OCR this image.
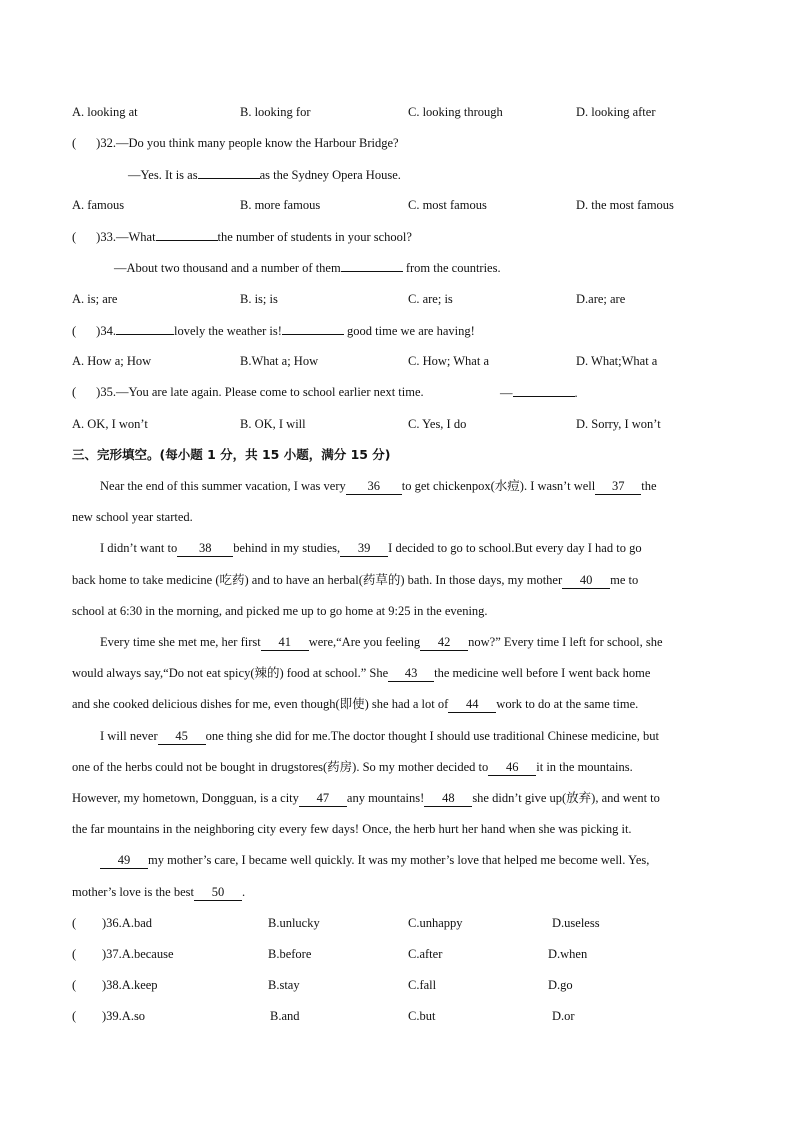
A. looking at	B. looking for	C. looking through	D. looking after
( )32.—Do you think many people know the Harbour Bridge?
—Yes. It is as	as the Sydney Opera House.
A. famous	B. more famous	C. most famous	D. the most famous
( )33.—What	the number of students in your school?
—About two thousand and a number of them	from the countries.
A. is; are	B. is; is	C. are; is	D.are; are
( )34.	lovely the weather is!	good time we are having!
A. How a; How	B.What a; How	C. How; What a	D. What;What a
( )35.—You are late again. Please come to school earlier next time.	—	.
A. OK, I won’t	B. OK, I will	C. Yes, I do	D. Sorry, I won’t
三、完形填空。(每小题 1 分，共 15 小题，满分 15 分)
Near the end of this summer vacation, I was very 36 to get chickenpox(水痘). I wasn’t well 37 the
new school year started.
I didn’t want to 38 behind in my studies, 39 I decided to go to school.But every day I had to go
back home to take medicine (吃药) and to have an herbal(药草的) bath. In those days, my mother 40 me to
school at 6:30 in the morning, and picked me up to go home at 9:25 in the evening.
Every time she met me, her first 41 were,“Are you feeling 42 now?” Every time I left for school, she
would always say,“Do not eat spicy(辣的) food at school.” She 43 the medicine well before I went back home
and she cooked delicious dishes for me, even though(即使) she had a lot of 44 work to do at the same time.
I will never 45 one thing she did for me.The doctor thought I should use traditional Chinese medicine, but
one of the herbs could not be bought in drugstores(药房). So my mother decided to 46 it in the mountains.
However, my hometown, Dongguan, is a city 47 any mountains! 48 she didn’t give up(放弃), and went to
the far mountains in the neighboring city every few days! Once, the herb hurt her hand when she was picking it.
49 my mother’s care, I became well quickly. It was my mother’s love that helped me become well. Yes,
mother’s love is the best 50 .
( )36.A.bad	B.unlucky	C.unhappy	D.useless
( )37.A.because	B.before	C.after	D.when
( )38.A.keep	B.stay	C.fall	D.go
( )39.A.so	B.and	C.but	D.or
